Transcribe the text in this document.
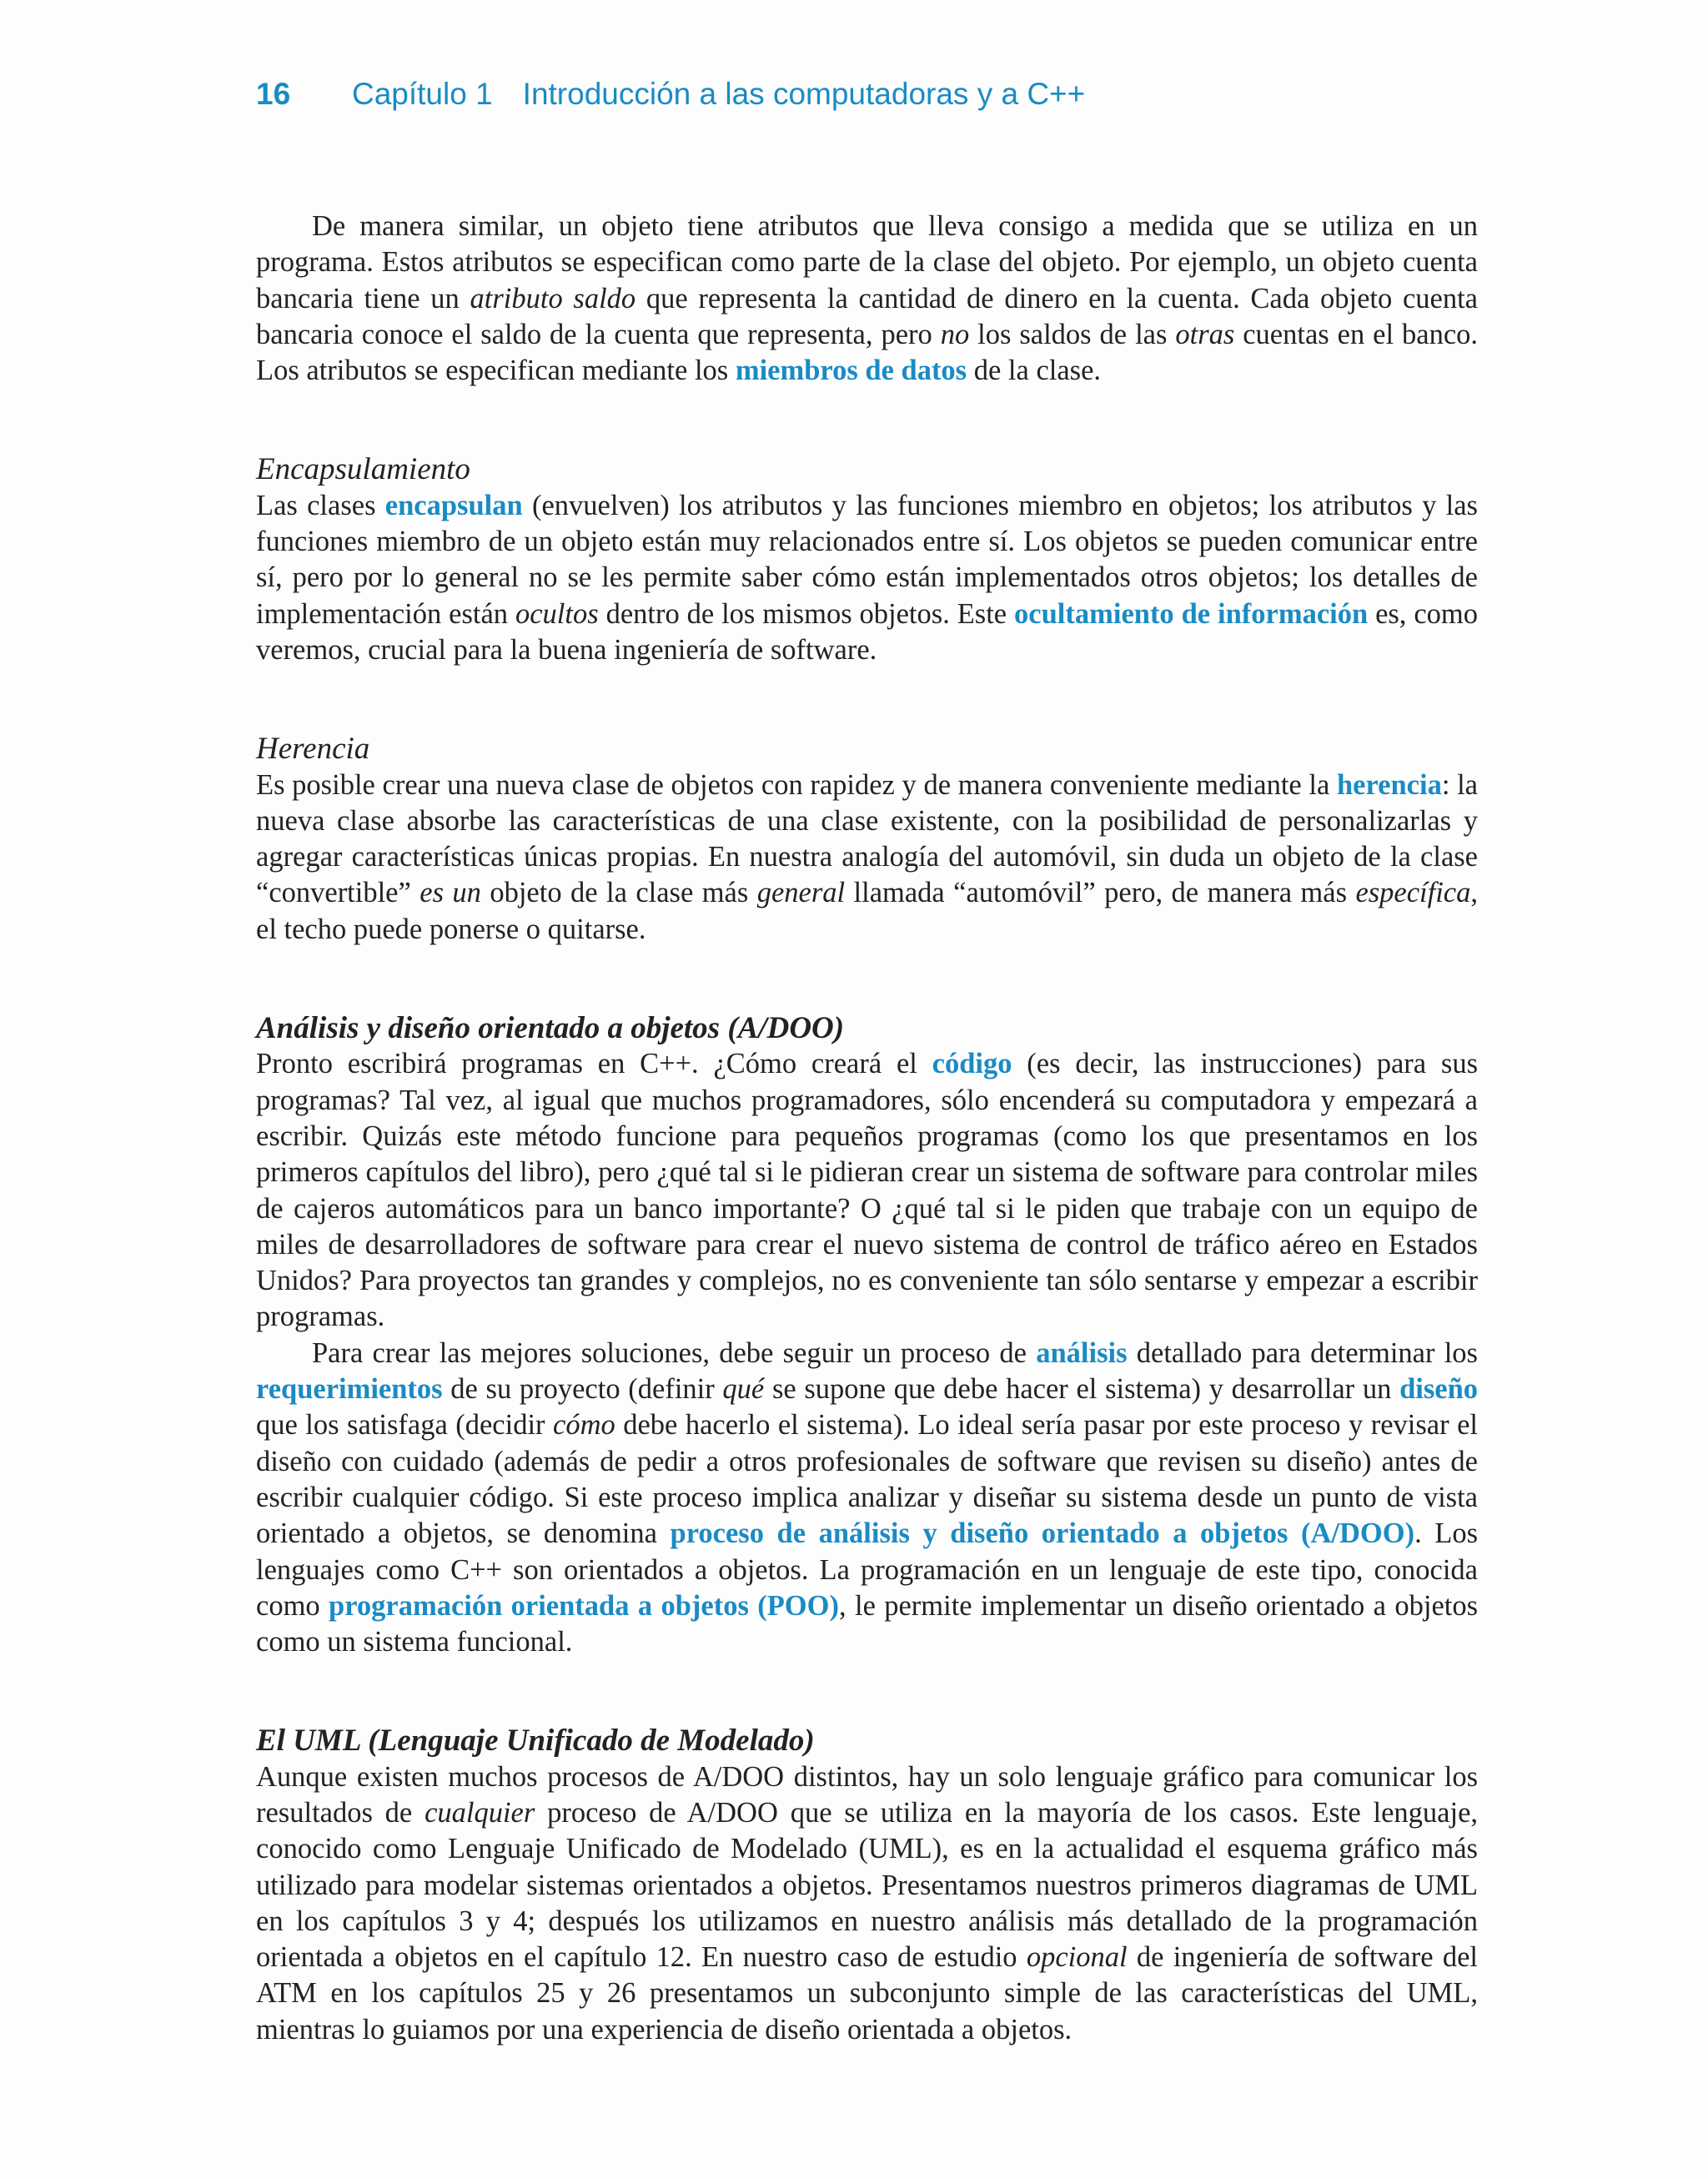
16 Capítulo 1 Introducción a las computadoras y a C++

De manera similar, un objeto tiene atributos que lleva consigo a medida que se utiliza en un programa. Estos atributos se especifican como parte de la clase del objeto. Por ejemplo, un objeto cuenta bancaria tiene un atributo saldo que representa la cantidad de dinero en la cuenta. Cada objeto cuenta bancaria conoce el saldo de la cuenta que representa, pero no los saldos de las otras cuentas en el banco. Los atributos se especifican mediante los miembros de datos de la clase.

Encapsulamiento

Las clases encapsulan (envuelven) los atributos y las funciones miembro en objetos; los atributos y las funciones miembro de un objeto están muy relacionados entre sí. Los objetos se pueden comunicar entre sí, pero por lo general no se les permite saber cómo están implementados otros objetos; los detalles de implementación están ocultos dentro de los mismos objetos. Este ocultamiento de información es, como veremos, crucial para la buena ingeniería de software.

Herencia

Es posible crear una nueva clase de objetos con rapidez y de manera conveniente mediante la herencia: la nueva clase absorbe las características de una clase existente, con la posibilidad de personalizarlas y agregar características únicas propias. En nuestra analogía del automóvil, sin duda un objeto de la clase “convertible” es un objeto de la clase más general llamada “automóvil” pero, de manera más específica, el techo puede ponerse o quitarse.

Análisis y diseño orientado a objetos (A/DOO)

Pronto escribirá programas en C++. ¿Cómo creará el código (es decir, las instrucciones) para sus programas? Tal vez, al igual que muchos programadores, sólo encenderá su computadora y empezará a escribir. Quizás este método funcione para pequeños programas (como los que presentamos en los primeros capítulos del libro), pero ¿qué tal si le pidieran crear un sistema de software para controlar miles de cajeros automáticos para un banco importante? O ¿qué tal si le piden que trabaje con un equipo de miles de desarrolladores de software para crear el nuevo sistema de control de tráfico aéreo en Estados Unidos? Para proyectos tan grandes y complejos, no es conveniente tan sólo sentarse y empezar a escribir programas.

Para crear las mejores soluciones, debe seguir un proceso de análisis detallado para determinar los requerimientos de su proyecto (definir qué se supone que debe hacer el sistema) y desarrollar un diseño que los satisfaga (decidir cómo debe hacerlo el sistema). Lo ideal sería pasar por este proceso y revisar el diseño con cuidado (además de pedir a otros profesionales de software que revisen su diseño) antes de escribir cualquier código. Si este proceso implica analizar y diseñar su sistema desde un punto de vista orientado a objetos, se denomina proceso de análisis y diseño orientado a objetos (A/DOO). Los lenguajes como C++ son orientados a objetos. La programación en un lenguaje de este tipo, conocida como programación orientada a objetos (POO), le permite implementar un diseño orientado a objetos como un sistema funcional.

El UML (Lenguaje Unificado de Modelado)

Aunque existen muchos procesos de A/DOO distintos, hay un solo lenguaje gráfico para comunicar los resultados de cualquier proceso de A/DOO que se utiliza en la mayoría de los casos. Este lenguaje, conocido como Lenguaje Unificado de Modelado (UML), es en la actualidad el esquema gráfico más utilizado para modelar sistemas orientados a objetos. Presentamos nuestros primeros diagramas de UML en los capítulos 3 y 4; después los utilizamos en nuestro análisis más detallado de la programación orientada a objetos en el capítulo 12. En nuestro caso de estudio opcional de ingeniería de software del ATM en los capítulos 25 y 26 presentamos un subconjunto simple de las características del UML, mientras lo guiamos por una experiencia de diseño orientada a objetos.
